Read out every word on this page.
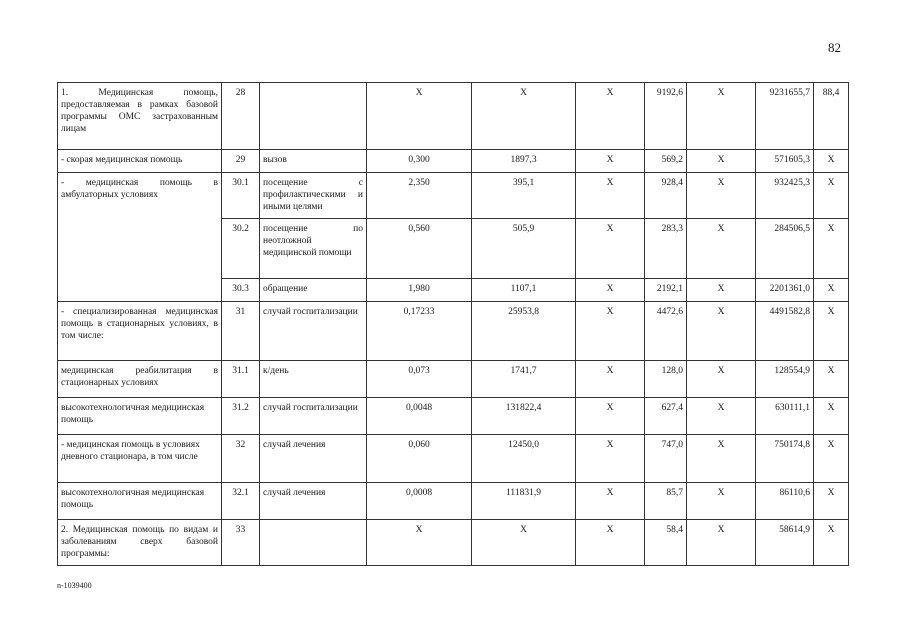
82
1. Медицинская помощь, предоставляемая в рамках базовой программы ОМС застрахованным лицам	28		X	X	X	9192,6	X	9231655,7	88,4
- скорая медицинская помощь	29	вызов	0,300	1897,3	X	569,2	X	571605,3	X
- медицинская помощь в амбулаторных условиях	30.1	посещение с профилактическими и иными целями	2,350	395,1	X	928,4	X	932425,3	X
	30.2	посещение по неотложной медицинской помощи	0,560	505,9	X	283,3	X	284506,5	X
	30.3	обращение	1,980	1107,1	X	2192,1	X	2201361,0	X
- специализированная медицинская помощь в стационарных условиях, в том числе:	31	случай госпитализации	0,17233	25953,8	X	4472,6	X	4491582,8	X
медицинская реабилитация в стационарных условиях	31.1	к/день	0,073	1741,7	X	128,0	X	128554,9	X
высокотехнологичная медицинская помощь	31.2	случай госпитализации	0,0048	131822,4	X	627,4	X	630111,1	X
- медицинская помощь в условиях дневного стационара, в том числе	32	случай лечения	0,060	12450,0	X	747,0	X	750174,8	X
высокотехнологичная медицинская помощь	32.1	случай лечения	0,0008	111831,9	X	85,7	X	86110,6	X
2. Медицинская помощь по видам и заболеваниям сверх базовой программы:	33		X	X	X	58,4	X	58614,9	X
n-1039400
